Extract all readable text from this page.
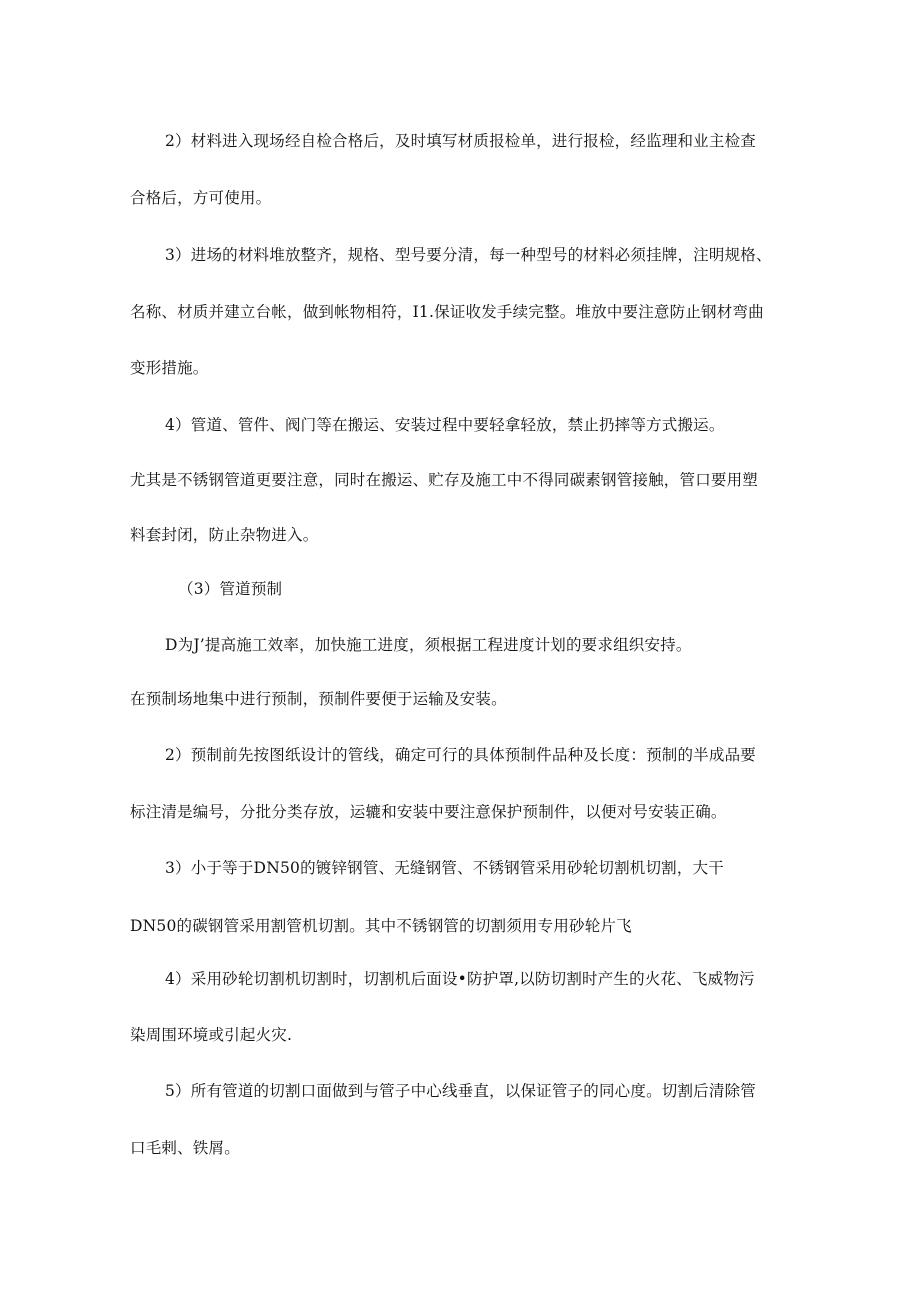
2）材料进入现场经自检合格后，及时填写材质报检单，进行报检，经监理和业主检查
合格后，方可使用。
3）进场的材料堆放整齐，规格、型号要分清，每一种型号的材料必须挂牌，注明规格、
名称、材质并建立台帐，做到帐物相符，I1.保证收发手续完整。堆放中要注意防止钢材弯曲
变形措施。
4）管道、管件、阀门等在搬运、安装过程中要轻拿轻放，禁止扔摔等方式搬运。
尤其是不锈钢管道更要注意，同时在搬运、贮存及施工中不得同碳素钢管接触，管口要用塑
料套封闭，防止杂物进入。
（3）管道预制
D为J’提高施工效率，加快施工进度，须根据工程进度计划的要求组织安持。
在预制场地集中进行预制，预制件要便于运输及安装。
2）预制前先按图纸设计的管线，确定可行的具体预制件品种及长度：预制的半成品要
标注清是编号，分批分类存放，运辘和安装中要注意保护预制件，以便对号安装正确。
3）小于等于DN50的镀锌钢管、无缝钢管、不锈钢管采用砂轮切割机切割，大干
DN50的碳钢管采用割管机切割。其中不锈钢管的切割须用专用砂轮片飞
4）采用砂轮切割机切割时，切割机后面设•防护罩,以防切割时产生的火花、飞威物污
染周围环境或引起火灾.
5）所有管道的切割口面做到与管子中心线垂直，以保证管子的同心度。切割后清除管
口毛剌、铁屑。
